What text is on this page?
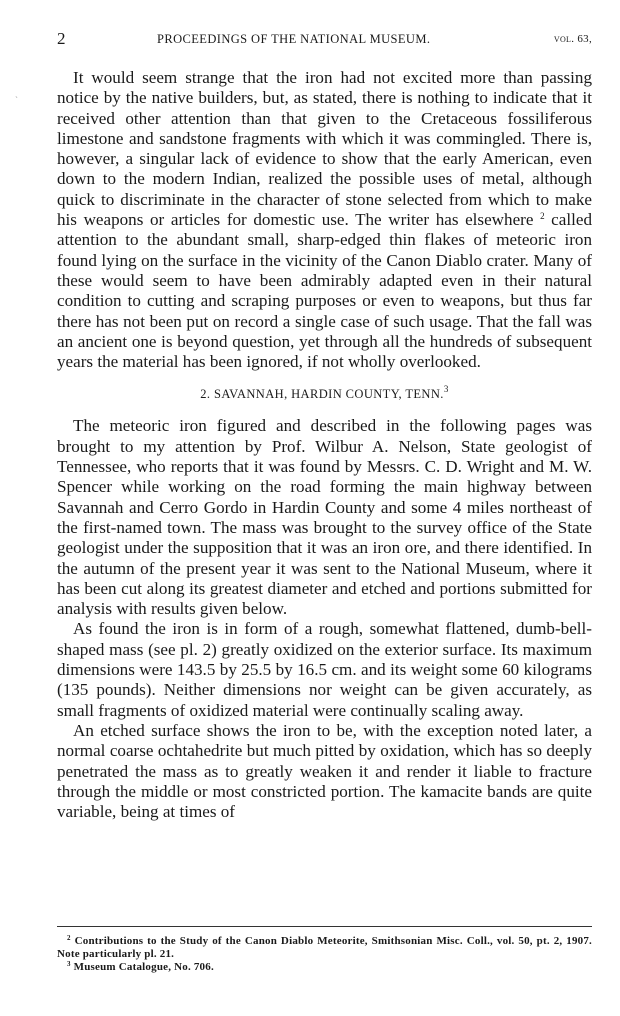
ˎ
2	PROCEEDINGS OF THE NATIONAL MUSEUM.	vol. 63,

It would seem strange that the iron had not excited more than passing notice by the native builders, but, as stated, there is nothing to indicate that it received other attention than that given to the Cretaceous fossiliferous limestone and sandstone fragments with which it was commingled. There is, however, a singular lack of evidence to show that the early American, even down to the modern Indian, realized the possible uses of metal, although quick to discriminate in the character of stone selected from which to make his weapons or articles for domestic use. The writer has elsewhere $^2$ called attention to the abundant small, sharp-edged thin flakes of meteoric iron found lying on the surface in the vicinity of the Canon Diablo crater. Many of these would seem to have been admirably adapted even in their natural condition to cutting and scraping purposes or even to weapons, but thus far there has not been put on record a single case of such usage. That the fall was an ancient one is beyond question, yet through all the hundreds of subsequent years the material has been ignored, if not wholly overlooked.

2. SAVANNAH, HARDIN COUNTY, TENN.$^3$

The meteoric iron figured and described in the following pages was brought to my attention by Prof. Wilbur A. Nelson, State geologist of Tennessee, who reports that it was found by Messrs. C. D. Wright and M. W. Spencer while working on the road forming the main highway between Savannah and Cerro Gordo in Hardin County and some 4 miles northeast of the first-named town. The mass was brought to the survey office of the State geologist under the supposition that it was an iron ore, and there identified. In the autumn of the present year it was sent to the National Museum, where it has been cut along its greatest diameter and etched and portions submitted for analysis with results given below.

As found the iron is in form of a rough, somewhat flattened, dumb-bell-shaped mass (see pl. 2) greatly oxidized on the exterior surface. Its maximum dimensions were 143.5 by 25.5 by 16.5 cm. and its weight some 60 kilograms (135 pounds). Neither dimensions nor weight can be given accurately, as small fragments of oxidized material were continually scaling away.

An etched surface shows the iron to be, with the exception noted later, a normal coarse ochtahedrite but much pitted by oxidation, which has so deeply penetrated the mass as to greatly weaken it and render it liable to fracture through the middle or most constricted portion. The kamacite bands are quite variable, being at times of

$^2$ Contributions to the Study of the Canon Diablo Meteorite, Smithsonian Misc. Coll., vol. 50, pt. 2, 1907. Note particularly pl. 21.

$^3$ Museum Catalogue, No. 706.
